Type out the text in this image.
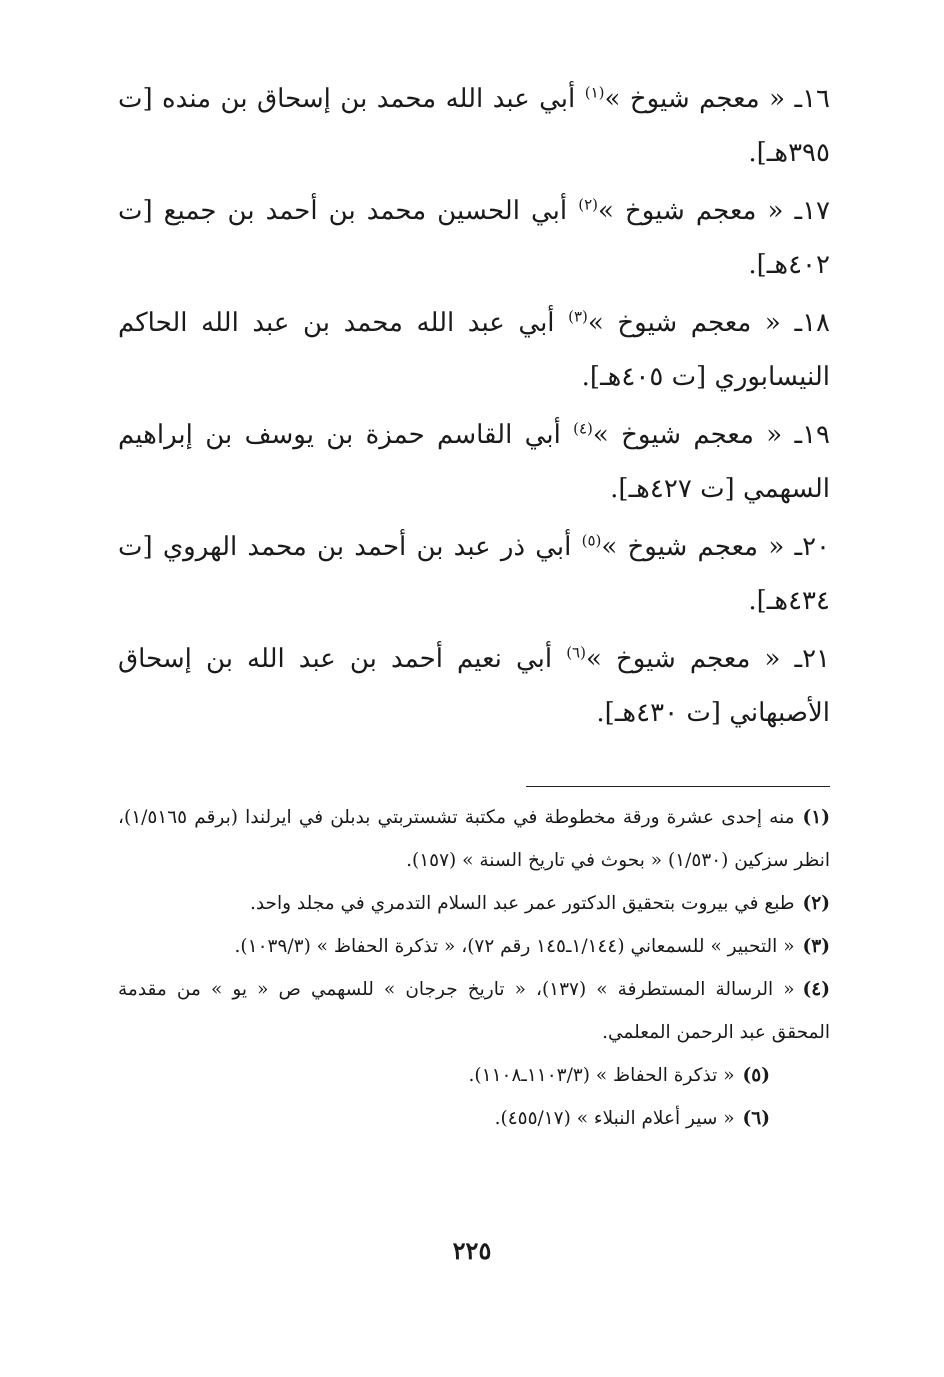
١٦ـ « معجم شيوخ »$^{(١)}$ أبي عبد الله محمد بن إسحاق بن منده [ت ٣٩٥هـ].

١٧ـ « معجم شيوخ »$^{(٢)}$ أبي الحسين محمد بن أحمد بن جميع [ت ٤٠٢هـ].

١٨ـ « معجم شيوخ »$^{(٣)}$ أبي عبد الله محمد بن عبد الله الحاكم النيسابوري [ت ٤٠٥هـ].

١٩ـ « معجم شيوخ »$^{(٤)}$ أبي القاسم حمزة بن يوسف بن إبراهيم السهمي [ت ٤٢٧هـ].

٢٠ـ « معجم شيوخ »$^{(٥)}$ أبي ذر عبد بن أحمد بن محمد الهروي [ت ٤٣٤هـ].

٢١ـ « معجم شيوخ »$^{(٦)}$ أبي نعيم أحمد بن عبد الله بن إسحاق الأصبهاني [ت ٤٣٠هـ].

(١)منه إحدى عشرة ورقة مخطوطة في مكتبة تشستربتي بدبلن في ايرلندا (برقم ١/٥١٦٥)، انظر سزكين (١/٥٣٠) « بحوث في تاريخ السنة » (١٥٧).

(٢)طبع في بيروت بتحقيق الدكتور عمر عبد السلام التدمري في مجلد واحد.

(٣)« التحبير » للسمعاني (١/١٤٤ـ١٤٥ رقم ٧٢)، « تذكرة الحفاظ » (١٠٣٩/٣).

(٤)« الرسالة المستطرفة » (١٣٧)، « تاريخ جرجان » للسهمي ص « يو » من مقدمة المحقق عبد الرحمن المعلمي.

(٥)« تذكرة الحفاظ » (١١٠٣/٣ـ١١٠٨).

(٦)« سير أعلام النبلاء » (٤٥٥/١٧).

٢٢٥
